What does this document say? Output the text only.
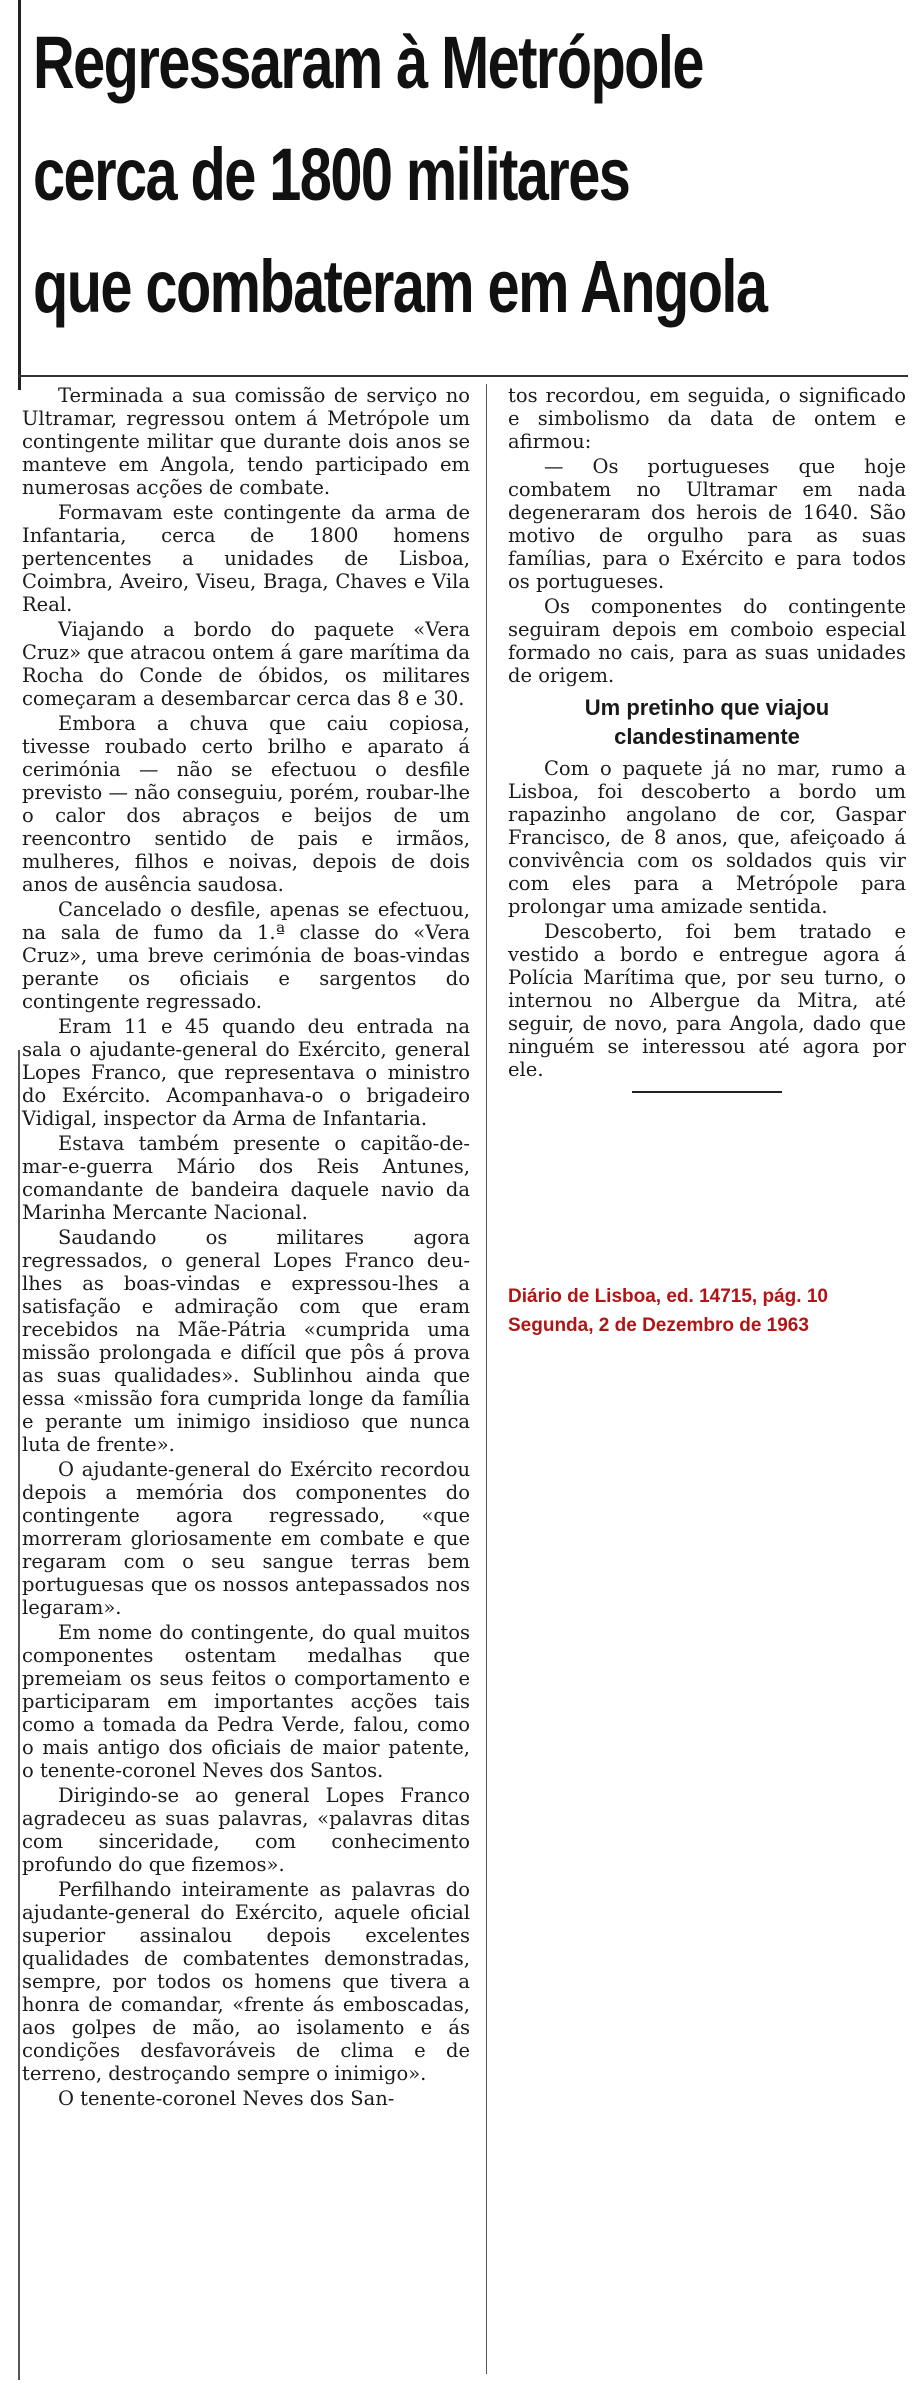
Regressaram à Metrópole
cerca de 1800 militares
que combateram em Angola

Terminada a sua comissão de serviço no Ultramar, regressou ontem á Metrópole um contingente militar que durante dois anos se manteve em Angola, tendo participado em numerosas acções de combate.

Formavam este contingente da arma de Infantaria, cerca de 1800 homens pertencentes a unidades de Lisboa, Coimbra, Aveiro, Viseu, Braga, Chaves e Vila Real.

Viajando a bordo do paquete «Vera Cruz» que atracou ontem á gare marítima da Rocha do Conde de óbidos, os militares começaram a desembarcar cerca das 8 e 30.

Embora a chuva que caiu copiosa, tivesse roubado certo brilho e aparato á cerimónia — não se efectuou o desfile previsto — não conseguiu, porém, roubar-lhe o calor dos abraços e beijos de um reencontro sentido de pais e irmãos, mulheres, filhos e noivas, depois de dois anos de ausência saudosa.

Cancelado o desfile, apenas se efectuou, na sala de fumo da 1.ª classe do «Vera Cruz», uma breve cerimónia de boas-vindas perante os oficiais e sargentos do contingente regressado.

Eram 11 e 45 quando deu entrada na sala o ajudante-general do Exército, general Lopes Franco, que representava o ministro do Exército. Acompanhava-o o brigadeiro Vidigal, inspector da Arma de Infantaria.

Estava também presente o capitão-de-mar-e-guerra Mário dos Reis Antunes, comandante de bandeira daquele navio da Marinha Mercante Nacional.

Saudando os militares agora regressados, o general Lopes Franco deu-lhes as boas-vindas e expressou-lhes a satisfação e admiração com que eram recebidos na Mãe-Pátria «cumprida uma missão prolongada e difícil que pôs á prova as suas qualidades». Sublinhou ainda que essa «missão fora cumprida longe da família e perante um inimigo insidioso que nunca luta de frente».

O ajudante-general do Exército recordou depois a memória dos componentes do contingente agora regressado, «que morreram gloriosamente em combate e que regaram com o seu sangue terras bem portuguesas que os nossos antepassados nos legaram».

Em nome do contingente, do qual muitos componentes ostentam medalhas que premeiam os seus feitos o comportamento e participaram em importantes acções tais como a tomada da Pedra Verde, falou, como o mais antigo dos oficiais de maior patente, o tenente-coronel Neves dos Santos.

Dirigindo-se ao general Lopes Franco agradeceu as suas palavras, «palavras ditas com sinceridade, com conhecimento profundo do que fizemos».

Perfilhando inteiramente as palavras do ajudante-general do Exército, aquele oficial superior assinalou depois excelentes qualidades de combatentes demonstradas, sempre, por todos os homens que tivera a honra de comandar, «frente ás emboscadas, aos golpes de mão, ao isolamento e ás condições desfavoráveis de clima e de terreno, destroçando sempre o inimigo».

O tenente-coronel Neves dos San-

tos recordou, em seguida, o significado e simbolismo da data de ontem e afirmou:

— Os portugueses que hoje combatem no Ultramar em nada degeneraram dos herois de 1640. São motivo de orgulho para as suas famílias, para o Exército e para todos os portugueses.

Os componentes do contingente seguiram depois em comboio especial formado no cais, para as suas unidades de origem.

Um pretinho que viajou clandestinamente

Com o paquete já no mar, rumo a Lisboa, foi descoberto a bordo um rapazinho angolano de cor, Gaspar Francisco, de 8 anos, que, afeiçoado á convivência com os soldados quis vir com eles para a Metrópole para prolongar uma amizade sentida.

Descoberto, foi bem tratado e vestido a bordo e entregue agora á Polícia Marítima que, por seu turno, o internou no Albergue da Mitra, até seguir, de novo, para Angola, dado que ninguém se interessou até agora por ele.

Diário de Lisboa, ed. 14715, pág. 10
Segunda, 2 de Dezembro de 1963
